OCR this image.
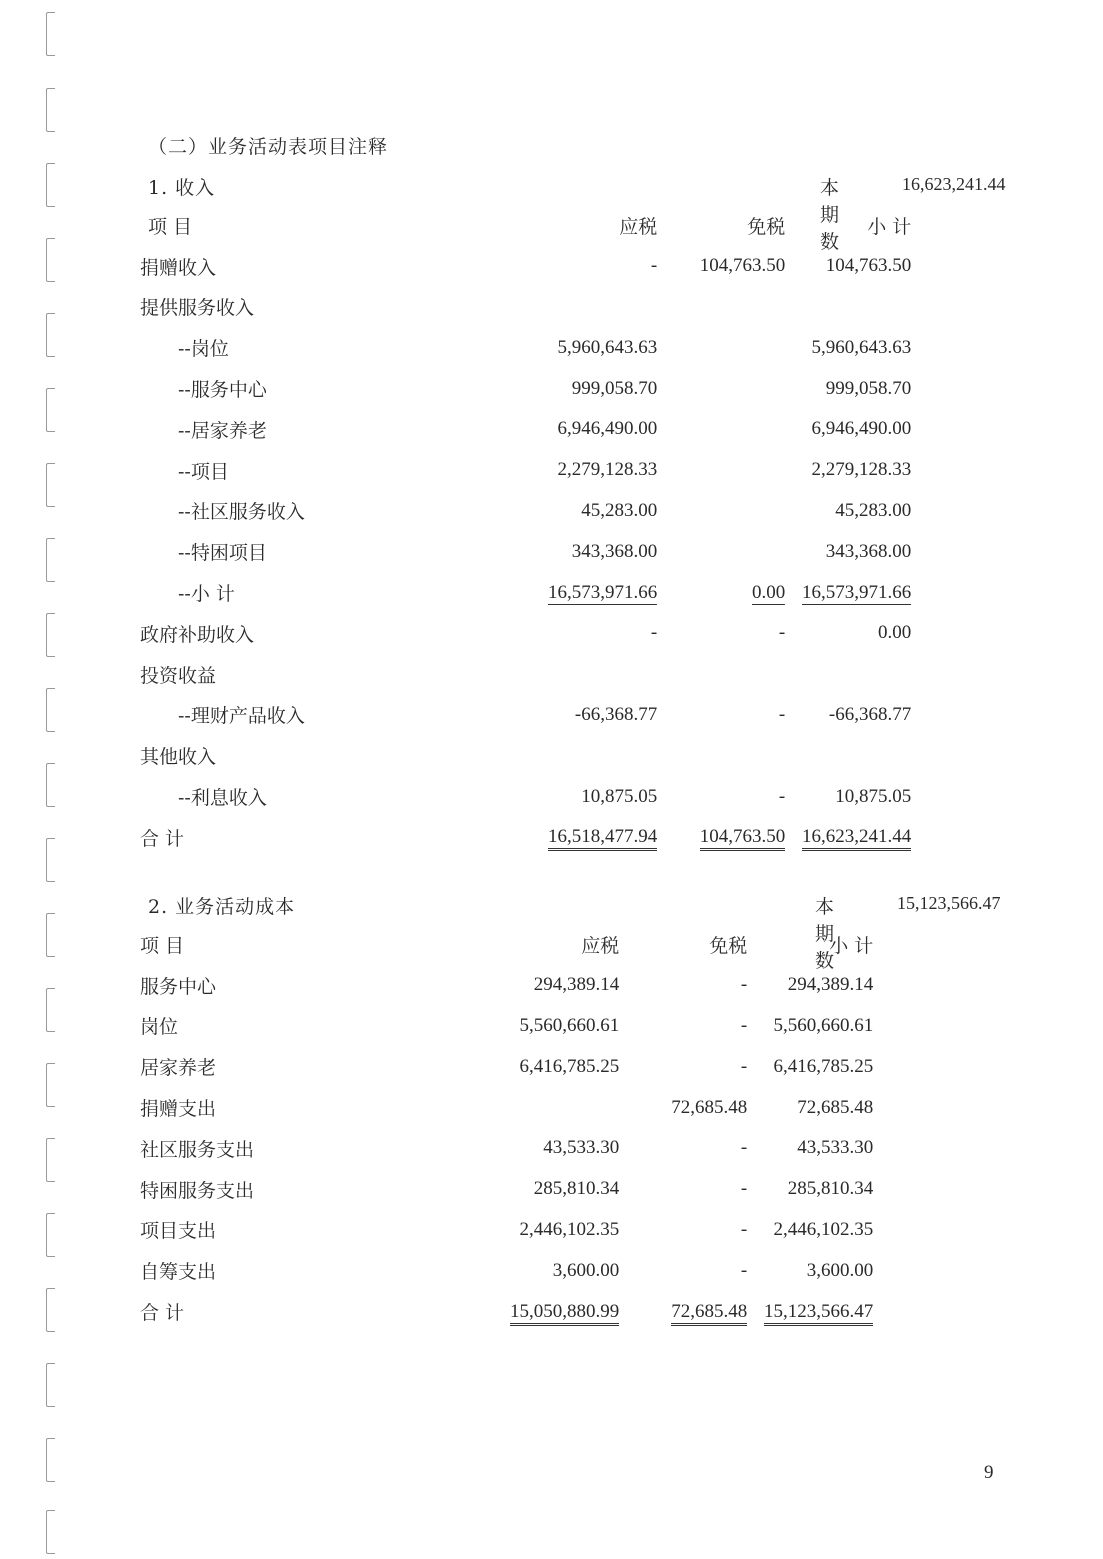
（二）业务活动表项目注释
1. 收入	本期数
16,623,241.44
项 目	应税	免税	小 计
捐赠收入	-	104,763.50	104,763.50
提供服务收入			
--岗位	5,960,643.63		5,960,643.63
--服务中心	999,058.70		999,058.70
--居家养老	6,946,490.00		6,946,490.00
--项目	2,279,128.33		2,279,128.33
--社区服务收入	45,283.00		45,283.00
--特困项目	343,368.00		343,368.00
--小 计	16,573,971.66	0.00	16,573,971.66
政府补助收入	-	-	0.00
投资收益			
--理财产品收入	-66,368.77	-	-66,368.77
其他收入			
--利息收入	10,875.05	-	10,875.05
合 计	16,518,477.94	104,763.50	16,623,241.44
2. 业务活动成本	本期数
15,123,566.47
项 目	应税	免税	小 计
服务中心	294,389.14	-	294,389.14
岗位	5,560,660.61	-	5,560,660.61
居家养老	6,416,785.25	-	6,416,785.25
捐赠支出		72,685.48	72,685.48
社区服务支出	43,533.30	-	43,533.30
特困服务支出	285,810.34	-	285,810.34
项目支出	2,446,102.35	-	2,446,102.35
自筹支出	3,600.00	-	3,600.00
合 计	15,050,880.99	72,685.48	15,123,566.47
9
